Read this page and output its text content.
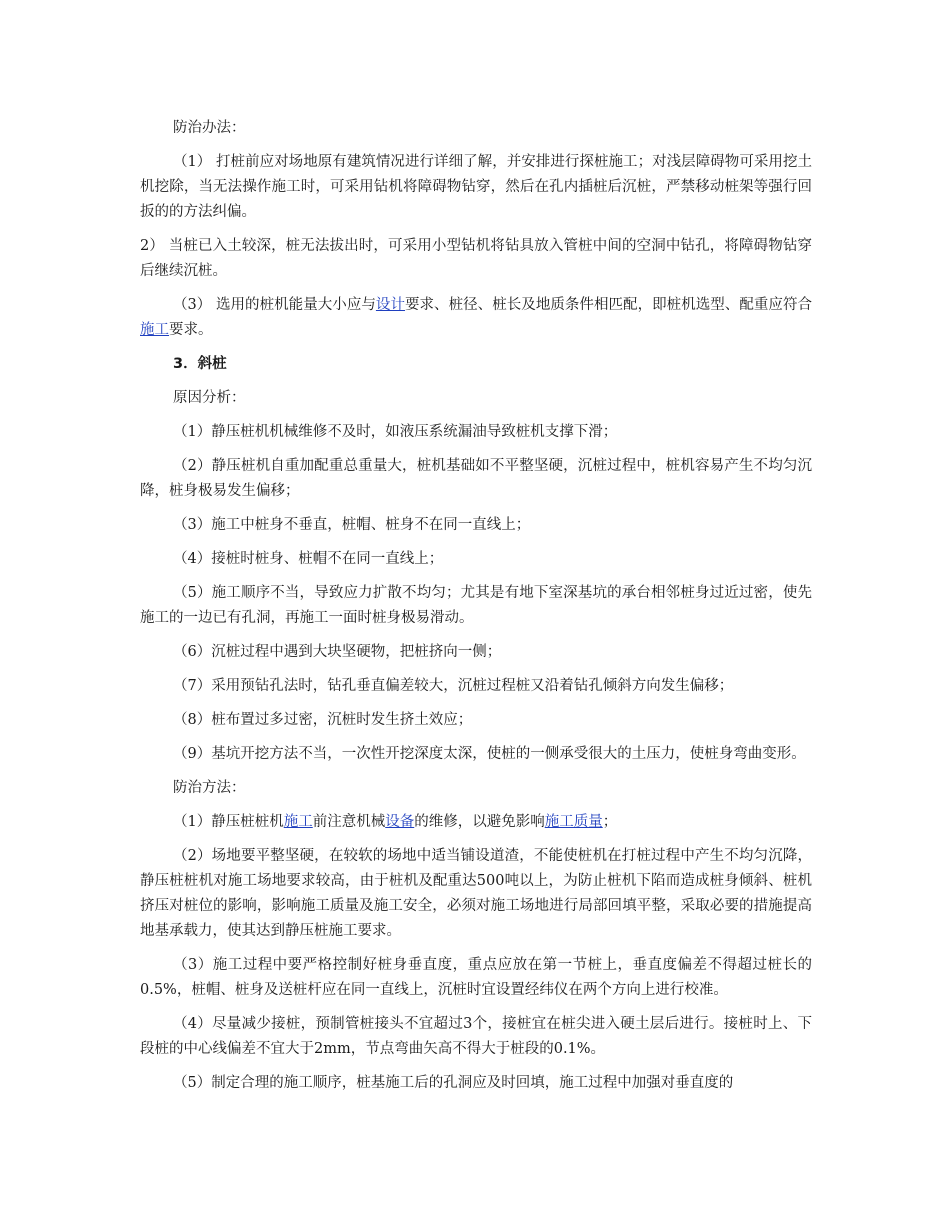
防治办法：

（1） 打桩前应对场地原有建筑情况进行详细了解，并安排进行探桩施工；对浅层障碍物可采用挖土机挖除，当无法操作施工时，可采用钻机将障碍物钻穿，然后在孔内插桩后沉桩，严禁移动桩架等强行回扳的的方法纠偏。

2） 当桩已入土较深，桩无法拔出时，可采用小型钻机将钻具放入管桩中间的空洞中钻孔，将障碍物钻穿后继续沉桩。

（3） 选用的桩机能量大小应与设计要求、桩径、桩长及地质条件相匹配，即桩机选型、配重应符合施工要求。

3．斜桩

原因分析：

（1）静压桩机机械维修不及时，如液压系统漏油导致桩机支撑下滑；

（2）静压桩机自重加配重总重量大，桩机基础如不平整坚硬，沉桩过程中，桩机容易产生不均匀沉降，桩身极易发生偏移；

（3）施工中桩身不垂直，桩帽、桩身不在同一直线上；

（4）接桩时桩身、桩帽不在同一直线上；

（5）施工顺序不当，导致应力扩散不均匀；尤其是有地下室深基坑的承台相邻桩身过近过密，使先施工的一边已有孔洞，再施工一面时桩身极易滑动。

（6）沉桩过程中遇到大块坚硬物，把桩挤向一侧；

（7）采用预钻孔法时，钻孔垂直偏差较大，沉桩过程桩又沿着钻孔倾斜方向发生偏移；

（8）桩布置过多过密，沉桩时发生挤土效应；

（9）基坑开挖方法不当，一次性开挖深度太深，使桩的一侧承受很大的土压力，使桩身弯曲变形。

防治方法：

（1）静压桩桩机施工前注意机械设备的维修，以避免影响施工质量；

（2）场地要平整坚硬，在较软的场地中适当铺设道渣，不能使桩机在打桩过程中产生不均匀沉降，静压桩桩机对施工场地要求较高，由于桩机及配重达500吨以上，为防止桩机下陷而造成桩身倾斜、桩机挤压对桩位的影响，影响施工质量及施工安全，必须对施工场地进行局部回填平整，采取必要的措施提高地基承载力，使其达到静压桩施工要求。

（3）施工过程中要严格控制好桩身垂直度，重点应放在第一节桩上，垂直度偏差不得超过桩长的0.5%，桩帽、桩身及送桩杆应在同一直线上，沉桩时宜设置经纬仪在两个方向上进行校准。

（4）尽量减少接桩，预制管桩接头不宜超过3个，接桩宜在桩尖进入硬土层后进行。接桩时上、下段桩的中心线偏差不宜大于2mm，节点弯曲矢高不得大于桩段的0.1%。

（5）制定合理的施工顺序，桩基施工后的孔洞应及时回填，施工过程中加强对垂直度的
